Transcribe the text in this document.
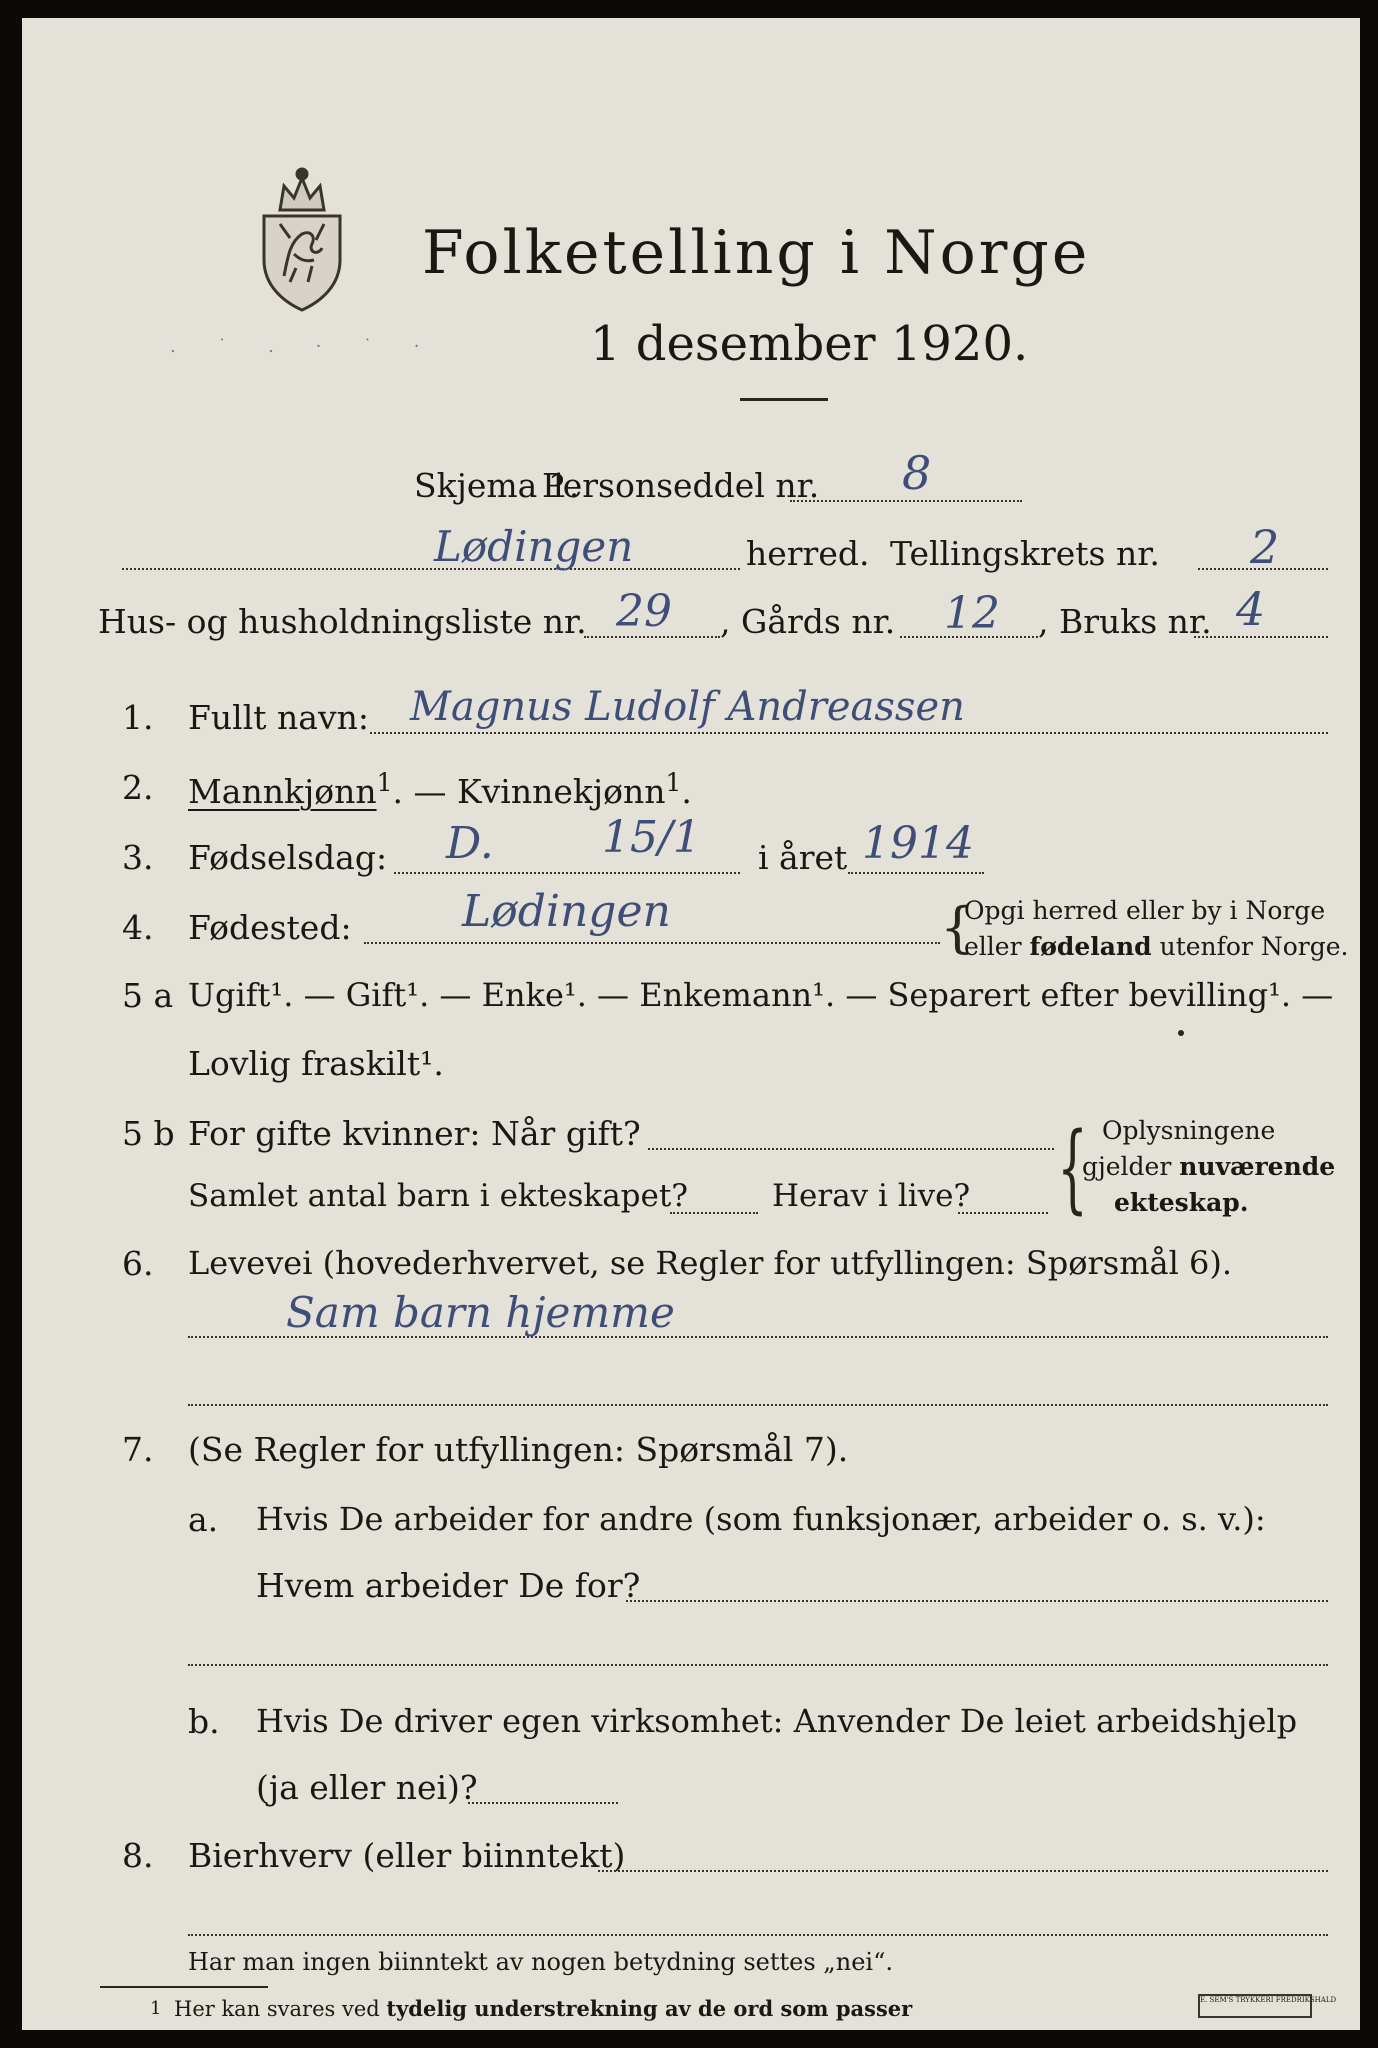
. ˙ . · ˙ ·
Folketelling i Norge
1 desember 1920.
Skjema 1.
Personseddel nr. 8
Lødingen	herred. Tellingskrets nr. 2
Hus- og husholdningsliste nr. 29 , Gårds nr. 12 , Bruks nr. 4
1. Fullt navn: Magnus Ludolf Andreassen
2. Mannkjønn$^1$. — Kvinnekjønn$^1$.
3. Fødselsdag: D. 15/1 i året 1914
4. Fødested:	Lødingen	{
Opgi herred eller by i Norge
eller fødeland utenfor Norge.
5 a Ugift¹. — Gift¹. — Enke¹. — Enkemann¹. — Separert efter bevilling¹. —
Lovlig fraskilt¹.
5 b For gifte kvinner: Når gift?
Samlet antal barn i ekteskapet?	Herav i live? { Oplysningene
gjelder nuværende
ekteskap.
6. Levevei (hovederhvervet, se Regler for utfyllingen: Spørsmål 6).
Sam barn hjemme
7. (Se Regler for utfyllingen: Spørsmål 7).
a. Hvis De arbeider for andre (som funksjonær, arbeider o. s. v.):
Hvem arbeider De for?
b. Hvis De driver egen virksomhet: Anvender De leiet arbeidshjelp
(ja eller nei)?
8. Bierhverv (eller biinntekt)
Har man ingen biinntekt av nogen betydning settes „nei“.
1 Her kan svares ved tydelig understrekning av de ord som passer	E. SEM'S TRYKKERI FREDRIKSHALD
